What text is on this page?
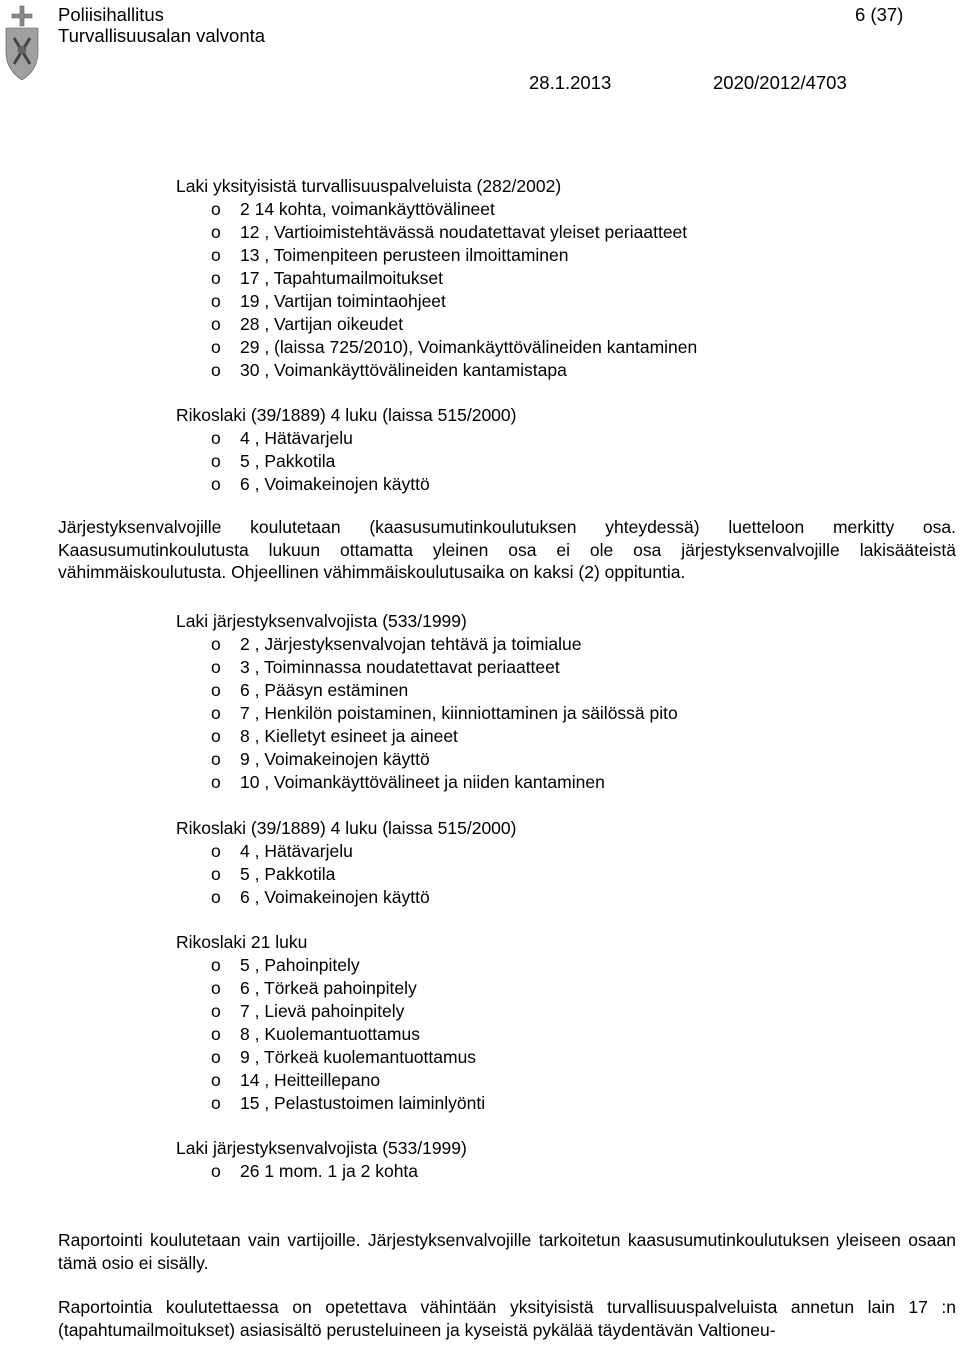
Poliisihallitus
Turvallisuusalan valvonta
6 (37)
28.1.2013	2020/2012/4703
Laki yksityisistä turvallisuuspalveluista (282/2002)
o 2 14 kohta, voimankäyttövälineet
o 12 , Vartioimistehtävässä noudatettavat yleiset periaatteet
o 13 , Toimenpiteen perusteen ilmoittaminen
o 17 , Tapahtumailmoitukset
o 19 , Vartijan toimintaohjeet
o 28 , Vartijan oikeudet
o 29 , (laissa 725/2010), Voimankäyttövälineiden kantaminen
o 30 , Voimankäyttövälineiden kantamistapa
Rikoslaki (39/1889) 4 luku (laissa 515/2000)
o 4 , Hätävarjelu
o 5 , Pakkotila
o 6 , Voimakeinojen käyttö

Järjestyksenvalvojille koulutetaan (kaasusumutinkoulutuksen yhteydessä) luetteloon merkitty osa. Kaasusumutinkoulutusta lukuun ottamatta yleinen osa ei ole osa järjestyksenvalvojille lakisääteistä vähimmäiskoulutusta. Ohjeellinen vähimmäiskoulutusaika on kaksi (2) oppituntia.

Laki järjestyksenvalvojista (533/1999)
o 2 , Järjestyksenvalvojan tehtävä ja toimialue
o 3 , Toiminnassa noudatettavat periaatteet
o 6 , Pääsyn estäminen
o 7 , Henkilön poistaminen, kiinniottaminen ja säilössä pito
o 8 , Kielletyt esineet ja aineet
o 9 , Voimakeinojen käyttö
o 10 , Voimankäyttövälineet ja niiden kantaminen
Rikoslaki (39/1889) 4 luku (laissa 515/2000)
o 4 , Hätävarjelu
o 5 , Pakkotila
o 6 , Voimakeinojen käyttö
Rikoslaki 21 luku
o 5 , Pahoinpitely
o 6 , Törkeä pahoinpitely
o 7 , Lievä pahoinpitely
o 8 , Kuolemantuottamus
o 9 , Törkeä kuolemantuottamus
o 14 , Heitteillepano
o 15 , Pelastustoimen laiminlyönti
Laki järjestyksenvalvojista (533/1999)
o 26 1 mom. 1 ja 2 kohta

Raportointi koulutetaan vain vartijoille. Järjestyksenvalvojille tarkoitetun kaasusumutinkoulutuksen yleiseen osaan tämä osio ei sisälly.

Raportointia koulutettaessa on opetettava vähintään yksityisistä turvallisuuspalveluista annetun lain 17 :n (tapahtumailmoitukset) asiasisältö perusteluineen ja kyseistä pykälää täydentävän Valtioneu-
